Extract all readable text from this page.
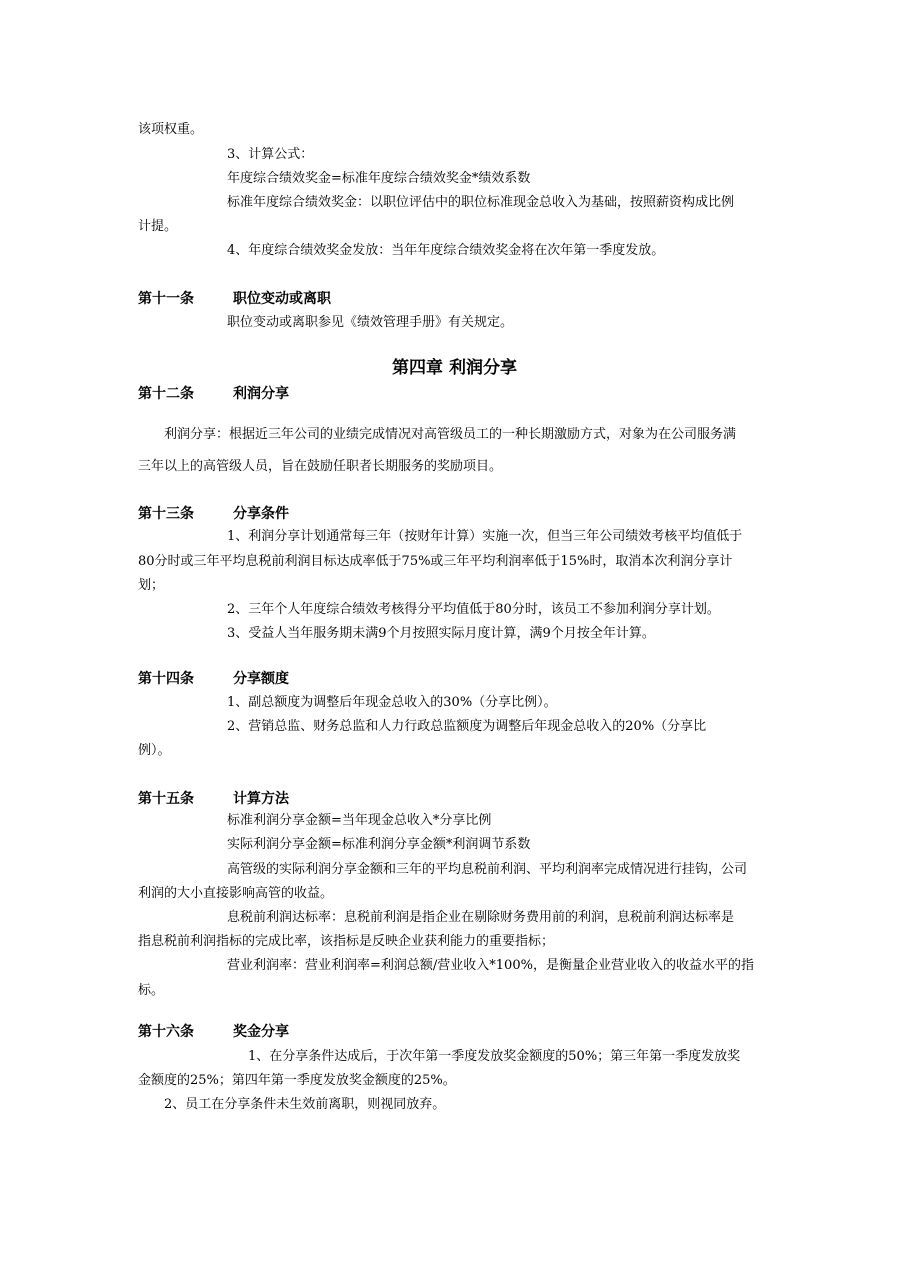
该项权重。
3、计算公式：
年度综合绩效奖金=标准年度综合绩效奖金*绩效系数
标准年度综合绩效奖金：以职位评估中的职位标准现金总收入为基础，按照薪资构成比例
计提。
4、年度综合绩效奖金发放：当年年度综合绩效奖金将在次年第一季度发放。
第十一条	职位变动或离职
职位变动或离职参见《绩效管理手册》有关规定。
第四章 利润分享
第十二条	利润分享
利润分享：根据近三年公司的业绩完成情况对高管级员工的一种长期激励方式，对象为在公司服务满
三年以上的高管级人员，旨在鼓励任职者长期服务的奖励项目。
第十三条	分享条件
1、利润分享计划通常每三年（按财年计算）实施一次，但当三年公司绩效考核平均值低于
80分时或三年平均息税前利润目标达成率低于75%或三年平均利润率低于15%时，取消本次利润分享计
划；
2、三年个人年度综合绩效考核得分平均值低于80分时，该员工不参加利润分享计划。
3、受益人当年服务期未满9个月按照实际月度计算，满9个月按全年计算。
第十四条	分享额度
1、副总额度为调整后年现金总收入的30%（分享比例）。
2、营销总监、财务总监和人力行政总监额度为调整后年现金总收入的20%（分享比
例）。
第十五条	计算方法
标准利润分享金额=当年现金总收入*分享比例
实际利润分享金额=标准利润分享金额*利润调节系数
高管级的实际利润分享金额和三年的平均息税前利润、平均利润率完成情况进行挂钩，公司
利润的大小直接影响高管的收益。
息税前利润达标率：息税前利润是指企业在剔除财务费用前的利润，息税前利润达标率是
指息税前利润指标的完成比率，该指标是反映企业获利能力的重要指标；
营业利润率：营业利润率=利润总额/营业收入*100%，是衡量企业营业收入的收益水平的指
标。
第十六条	奖金分享
1、在分享条件达成后，于次年第一季度发放奖金额度的50%；第三年第一季度发放奖
金额度的25%；第四年第一季度发放奖金额度的25%。
2、员工在分享条件未生效前离职，则视同放弃。
